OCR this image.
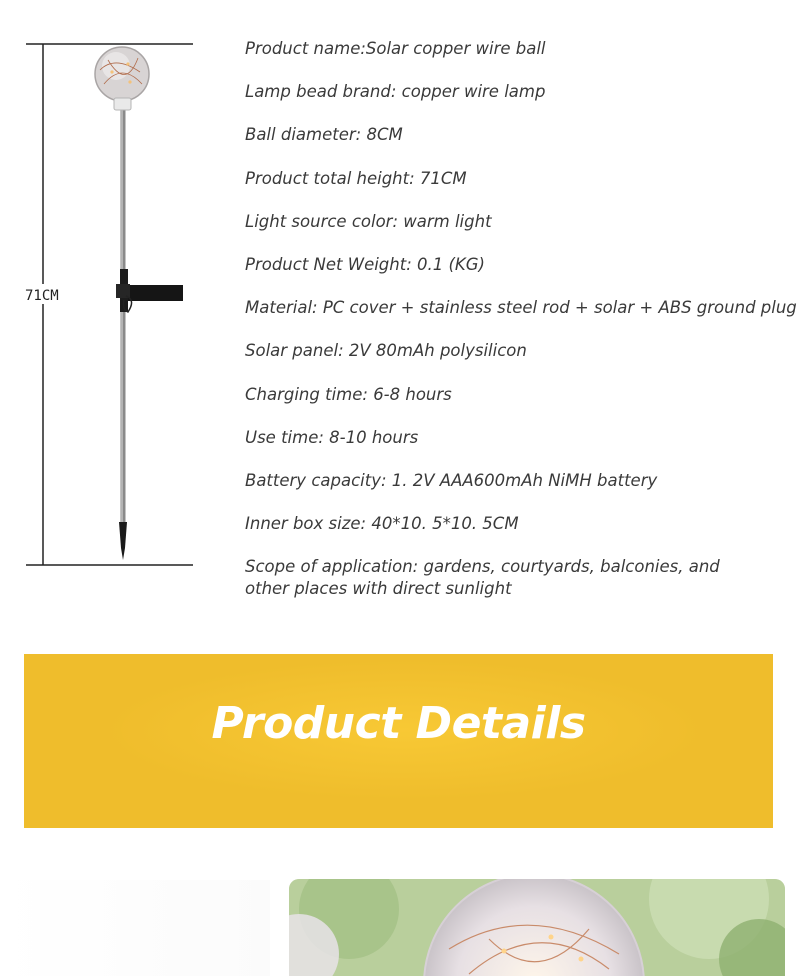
71CM
Product name:Solar copper wire ball
Lamp bead brand: copper wire lamp
Ball diameter: 8CM
Product total height: 71CM
Light source color: warm light
Product Net Weight: 0.1 (KG)
Material: PC cover + stainless steel rod + solar + ABS ground plug
Solar panel: 2V 80mAh polysilicon
Charging time: 6-8 hours
Use time: 8-10 hours
Battery capacity: 1. 2V AAA600mAh NiMH battery
Inner box size: 40*10. 5*10. 5CM
Scope of application: gardens, courtyards, balconies, and other places with direct sunlight
Product Details
